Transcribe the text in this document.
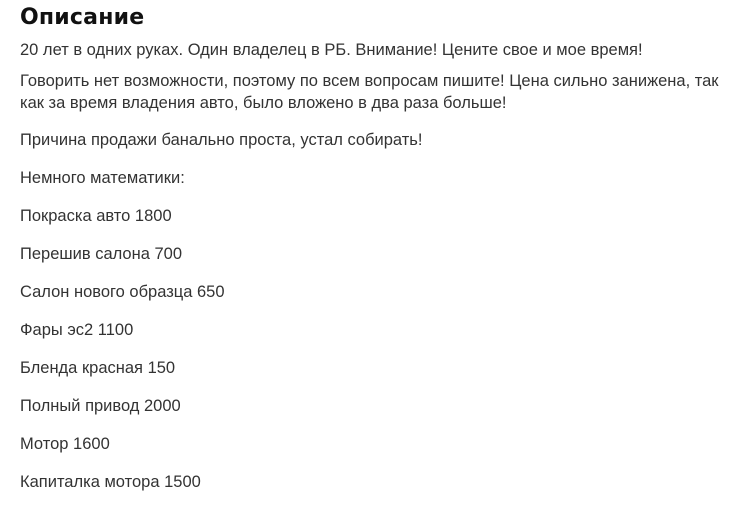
Описание

20 лет в одних руках. Один владелец в РБ. Внимание! Цените свое и мое время!

Говорить нет возможности, поэтому по всем вопросам пишите! Цена сильно занижена, так как за время владения авто, было вложено в два раза больше!

Причина продажи банально проста, устал собирать!

Немного математики:

Покраска авто 1800

Перешив салона 700

Салон нового образца 650

Фары эс2 1100

Бленда красная 150

Полный привод 2000

Мотор 1600

Капиталка мотора 1500
